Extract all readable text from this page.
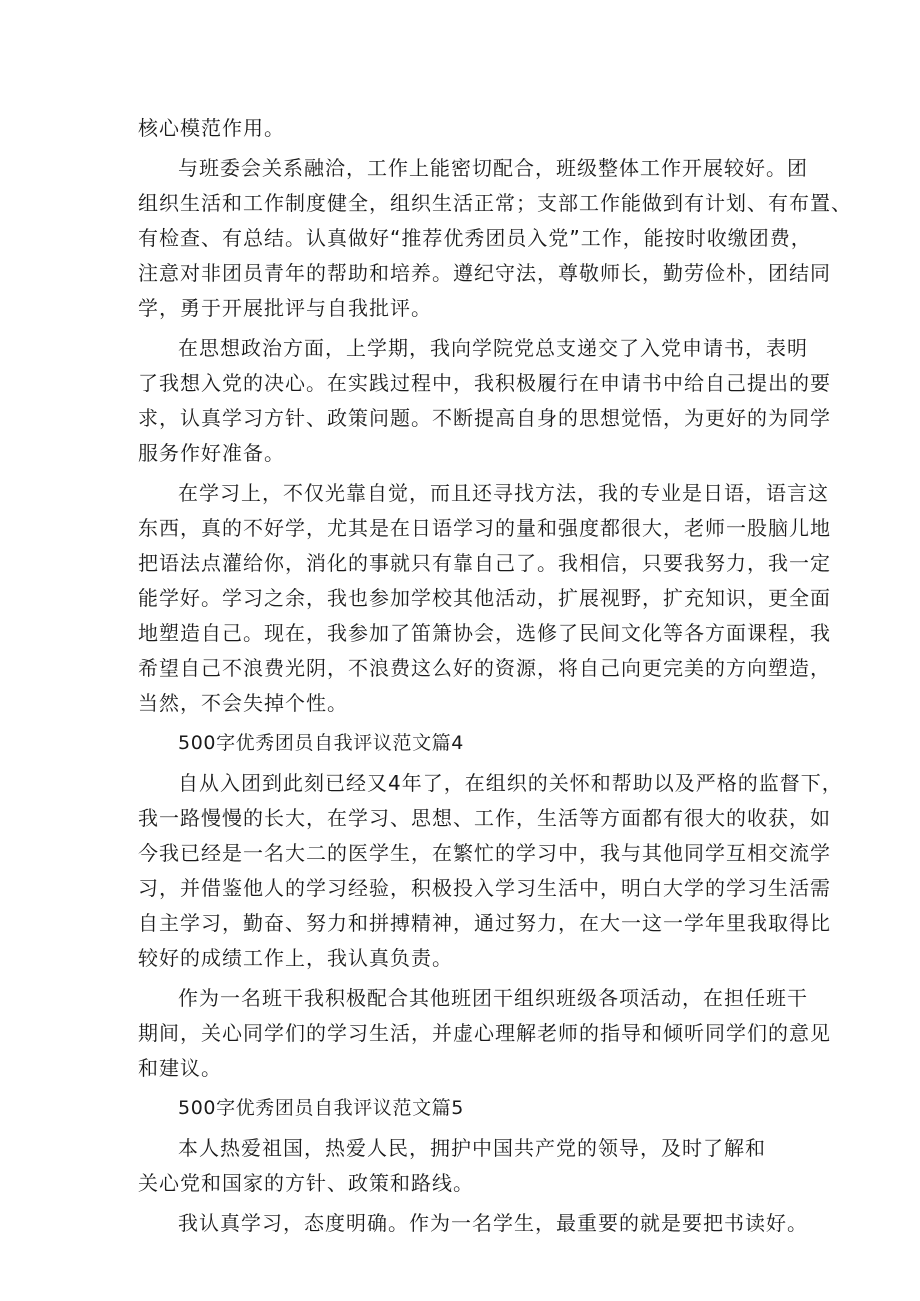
核心模范作用。

与班委会关系融洽，工作上能密切配合，班级整体工作开展较好。团

组织生活和工作制度健全，组织生活正常；支部工作能做到有计划、有布置、

有检查、有总结。认真做好“推荐优秀团员入党”工作，能按时收缴团费，

注意对非团员青年的帮助和培养。遵纪守法，尊敬师长，勤劳俭朴，团结同

学，勇于开展批评与自我批评。

在思想政治方面，上学期，我向学院党总支递交了入党申请书，表明

了我想入党的决心。在实践过程中，我积极履行在申请书中给自己提出的要

求，认真学习方针、政策问题。不断提高自身的思想觉悟，为更好的为同学

服务作好准备。

在学习上，不仅光靠自觉，而且还寻找方法，我的专业是日语，语言这

东西，真的不好学，尤其是在日语学习的量和强度都很大，老师一股脑儿地

把语法点灌给你，消化的事就只有靠自己了。我相信，只要我努力，我一定

能学好。学习之余，我也参加学校其他活动，扩展视野，扩充知识，更全面

地塑造自己。现在，我参加了笛箫协会，选修了民间文化等各方面课程，我

希望自己不浪费光阴，不浪费这么好的资源，将自己向更完美的方向塑造，

当然，不会失掉个性。

500字优秀团员自我评议范文篇4

自从入团到此刻已经又4年了，在组织的关怀和帮助以及严格的监督下，

我一路慢慢的长大，在学习、思想、工作，生活等方面都有很大的收获，如

今我已经是一名大二的医学生，在繁忙的学习中，我与其他同学互相交流学

习，并借鉴他人的学习经验，积极投入学习生活中，明白大学的学习生活需

自主学习，勤奋、努力和拼搏精神，通过努力，在大一这一学年里我取得比

较好的成绩工作上，我认真负责。

作为一名班干我积极配合其他班团干组织班级各项活动，在担任班干

期间，关心同学们的学习生活，并虚心理解老师的指导和倾听同学们的意见

和建议。

500字优秀团员自我评议范文篇5

本人热爱祖国，热爱人民，拥护中国共产党的领导，及时了解和

关心党和国家的方针、政策和路线。

我认真学习，态度明确。作为一名学生，最重要的就是要把书读好。
